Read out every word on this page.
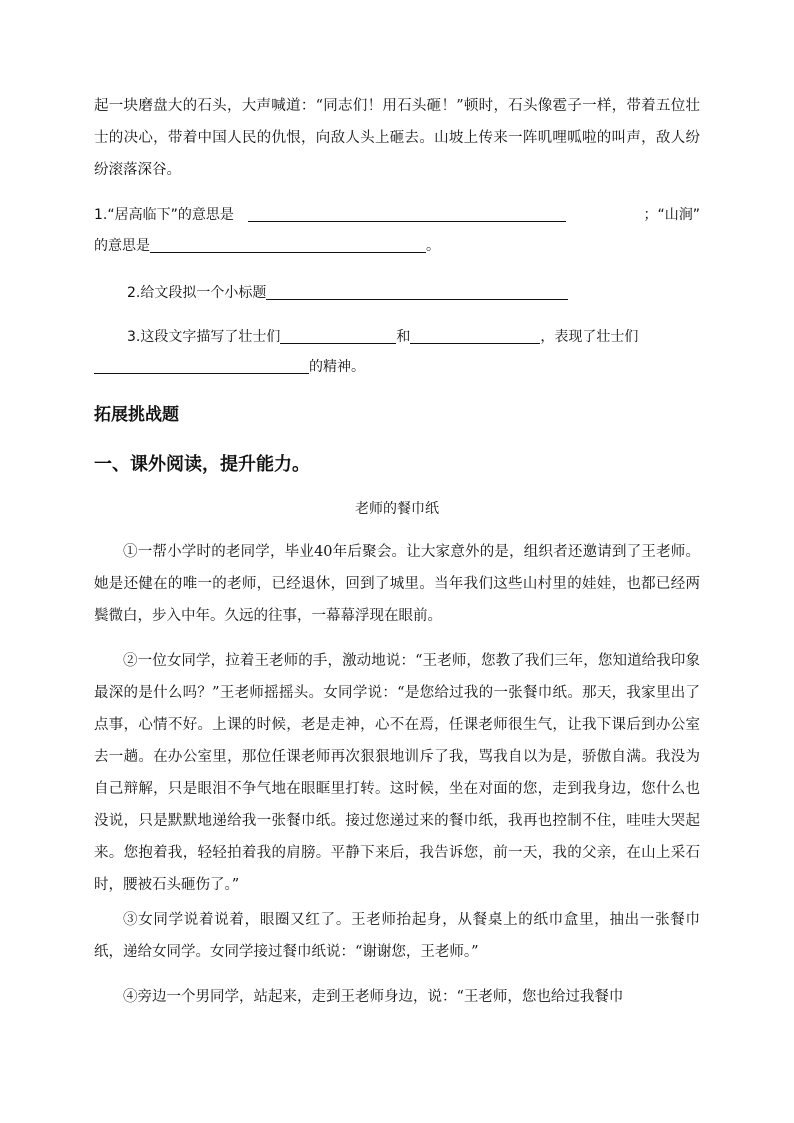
起一块磨盘大的石头，大声喊道：“同志们！用石头砸！”顿时，石头像雹子一样，带着五位壮士的决心，带着中国人民的仇恨，向敌人头上砸去。山坡上传来一阵叽哩呱啦的叫声，敌人纷纷滚落深谷。

1.“居高临下”的意思是	；“山涧”
的意思是	。
2.给文段拟一个小标题
3.这段文字描写了壮士们	和	，表现了壮士们
的精神。
拓展挑战题
一、课外阅读，提升能力。
老师的餐巾纸

①一帮小学时的老同学，毕业40年后聚会。让大家意外的是，组织者还邀请到了王老师。她是还健在的唯一的老师，已经退休，回到了城里。当年我们这些山村里的娃娃，也都已经两鬓微白，步入中年。久远的往事，一幕幕浮现在眼前。

②一位女同学，拉着王老师的手，激动地说：“王老师，您教了我们三年，您知道给我印象最深的是什么吗？”王老师摇摇头。女同学说：“是您给过我的一张餐巾纸。那天，我家里出了点事，心情不好。上课的时候，老是走神，心不在焉，任课老师很生气，让我下课后到办公室去一趟。在办公室里，那位任课老师再次狠狠地训斥了我，骂我自以为是，骄傲自满。我没为自己辩解，只是眼泪不争气地在眼眶里打转。这时候，坐在对面的您，走到我身边，您什么也没说，只是默默地递给我一张餐巾纸。接过您递过来的餐巾纸，我再也控制不住，哇哇大哭起来。您抱着我，轻轻拍着我的肩膀。平静下来后，我告诉您，前一天，我的父亲，在山上采石时，腰被石头砸伤了。”

③女同学说着说着，眼圈又红了。王老师抬起身，从餐桌上的纸巾盒里，抽出一张餐巾纸，递给女同学。女同学接过餐巾纸说：“谢谢您，王老师。”

④旁边一个男同学，站起来，走到王老师身边，说：“王老师，您也给过我餐巾
